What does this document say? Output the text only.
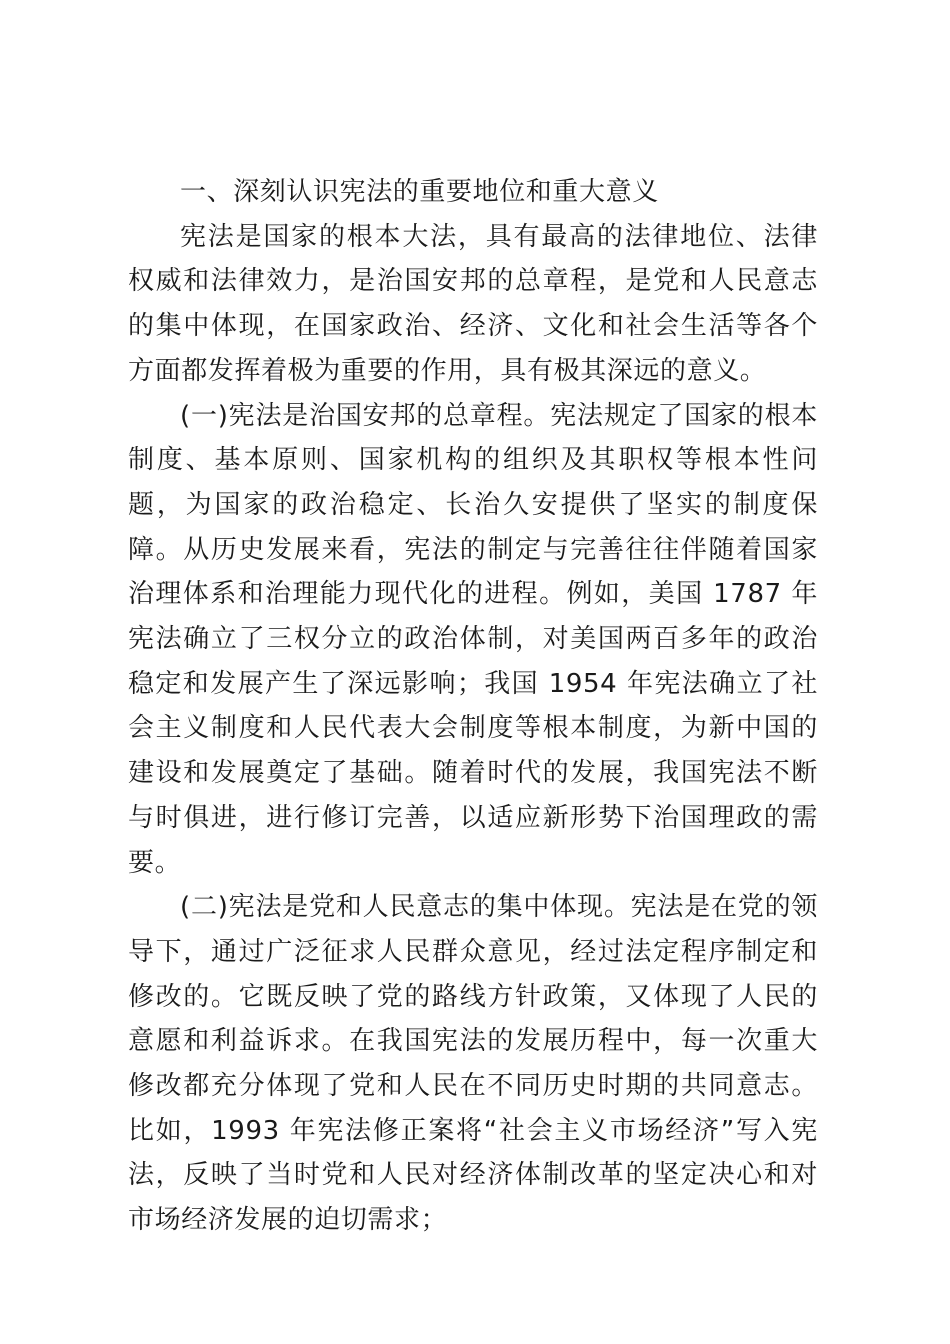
一、深刻认识宪法的重要地位和重大意义

宪法是国家的根本大法，具有最高的法律地位、法律权威和法律效力，是治国安邦的总章程，是党和人民意志的集中体现，在国家政治、经济、文化和社会生活等各个方面都发挥着极为重要的作用，具有极其深远的意义。

(一)宪法是治国安邦的总章程。宪法规定了国家的根本制度、基本原则、国家机构的组织及其职权等根本性问题，为国家的政治稳定、长治久安提供了坚实的制度保障。从历史发展来看，宪法的制定与完善往往伴随着国家治理体系和治理能力现代化的进程。例如，美国 1787 年宪法确立了三权分立的政治体制，对美国两百多年的政治稳定和发展产生了深远影响；我国 1954 年宪法确立了社会主义制度和人民代表大会制度等根本制度，为新中国的建设和发展奠定了基础。随着时代的发展，我国宪法不断与时俱进，进行修订完善，以适应新形势下治国理政的需要。

(二)宪法是党和人民意志的集中体现。宪法是在党的领导下，通过广泛征求人民群众意见，经过法定程序制定和修改的。它既反映了党的路线方针政策，又体现了人民的意愿和利益诉求。在我国宪法的发展历程中，每一次重大修改都充分体现了党和人民在不同历史时期的共同意志。比如，1993 年宪法修正案将“社会主义市场经济”写入宪法，反映了当时党和人民对经济体制改革的坚定决心和对市场经济发展的迫切需求；
